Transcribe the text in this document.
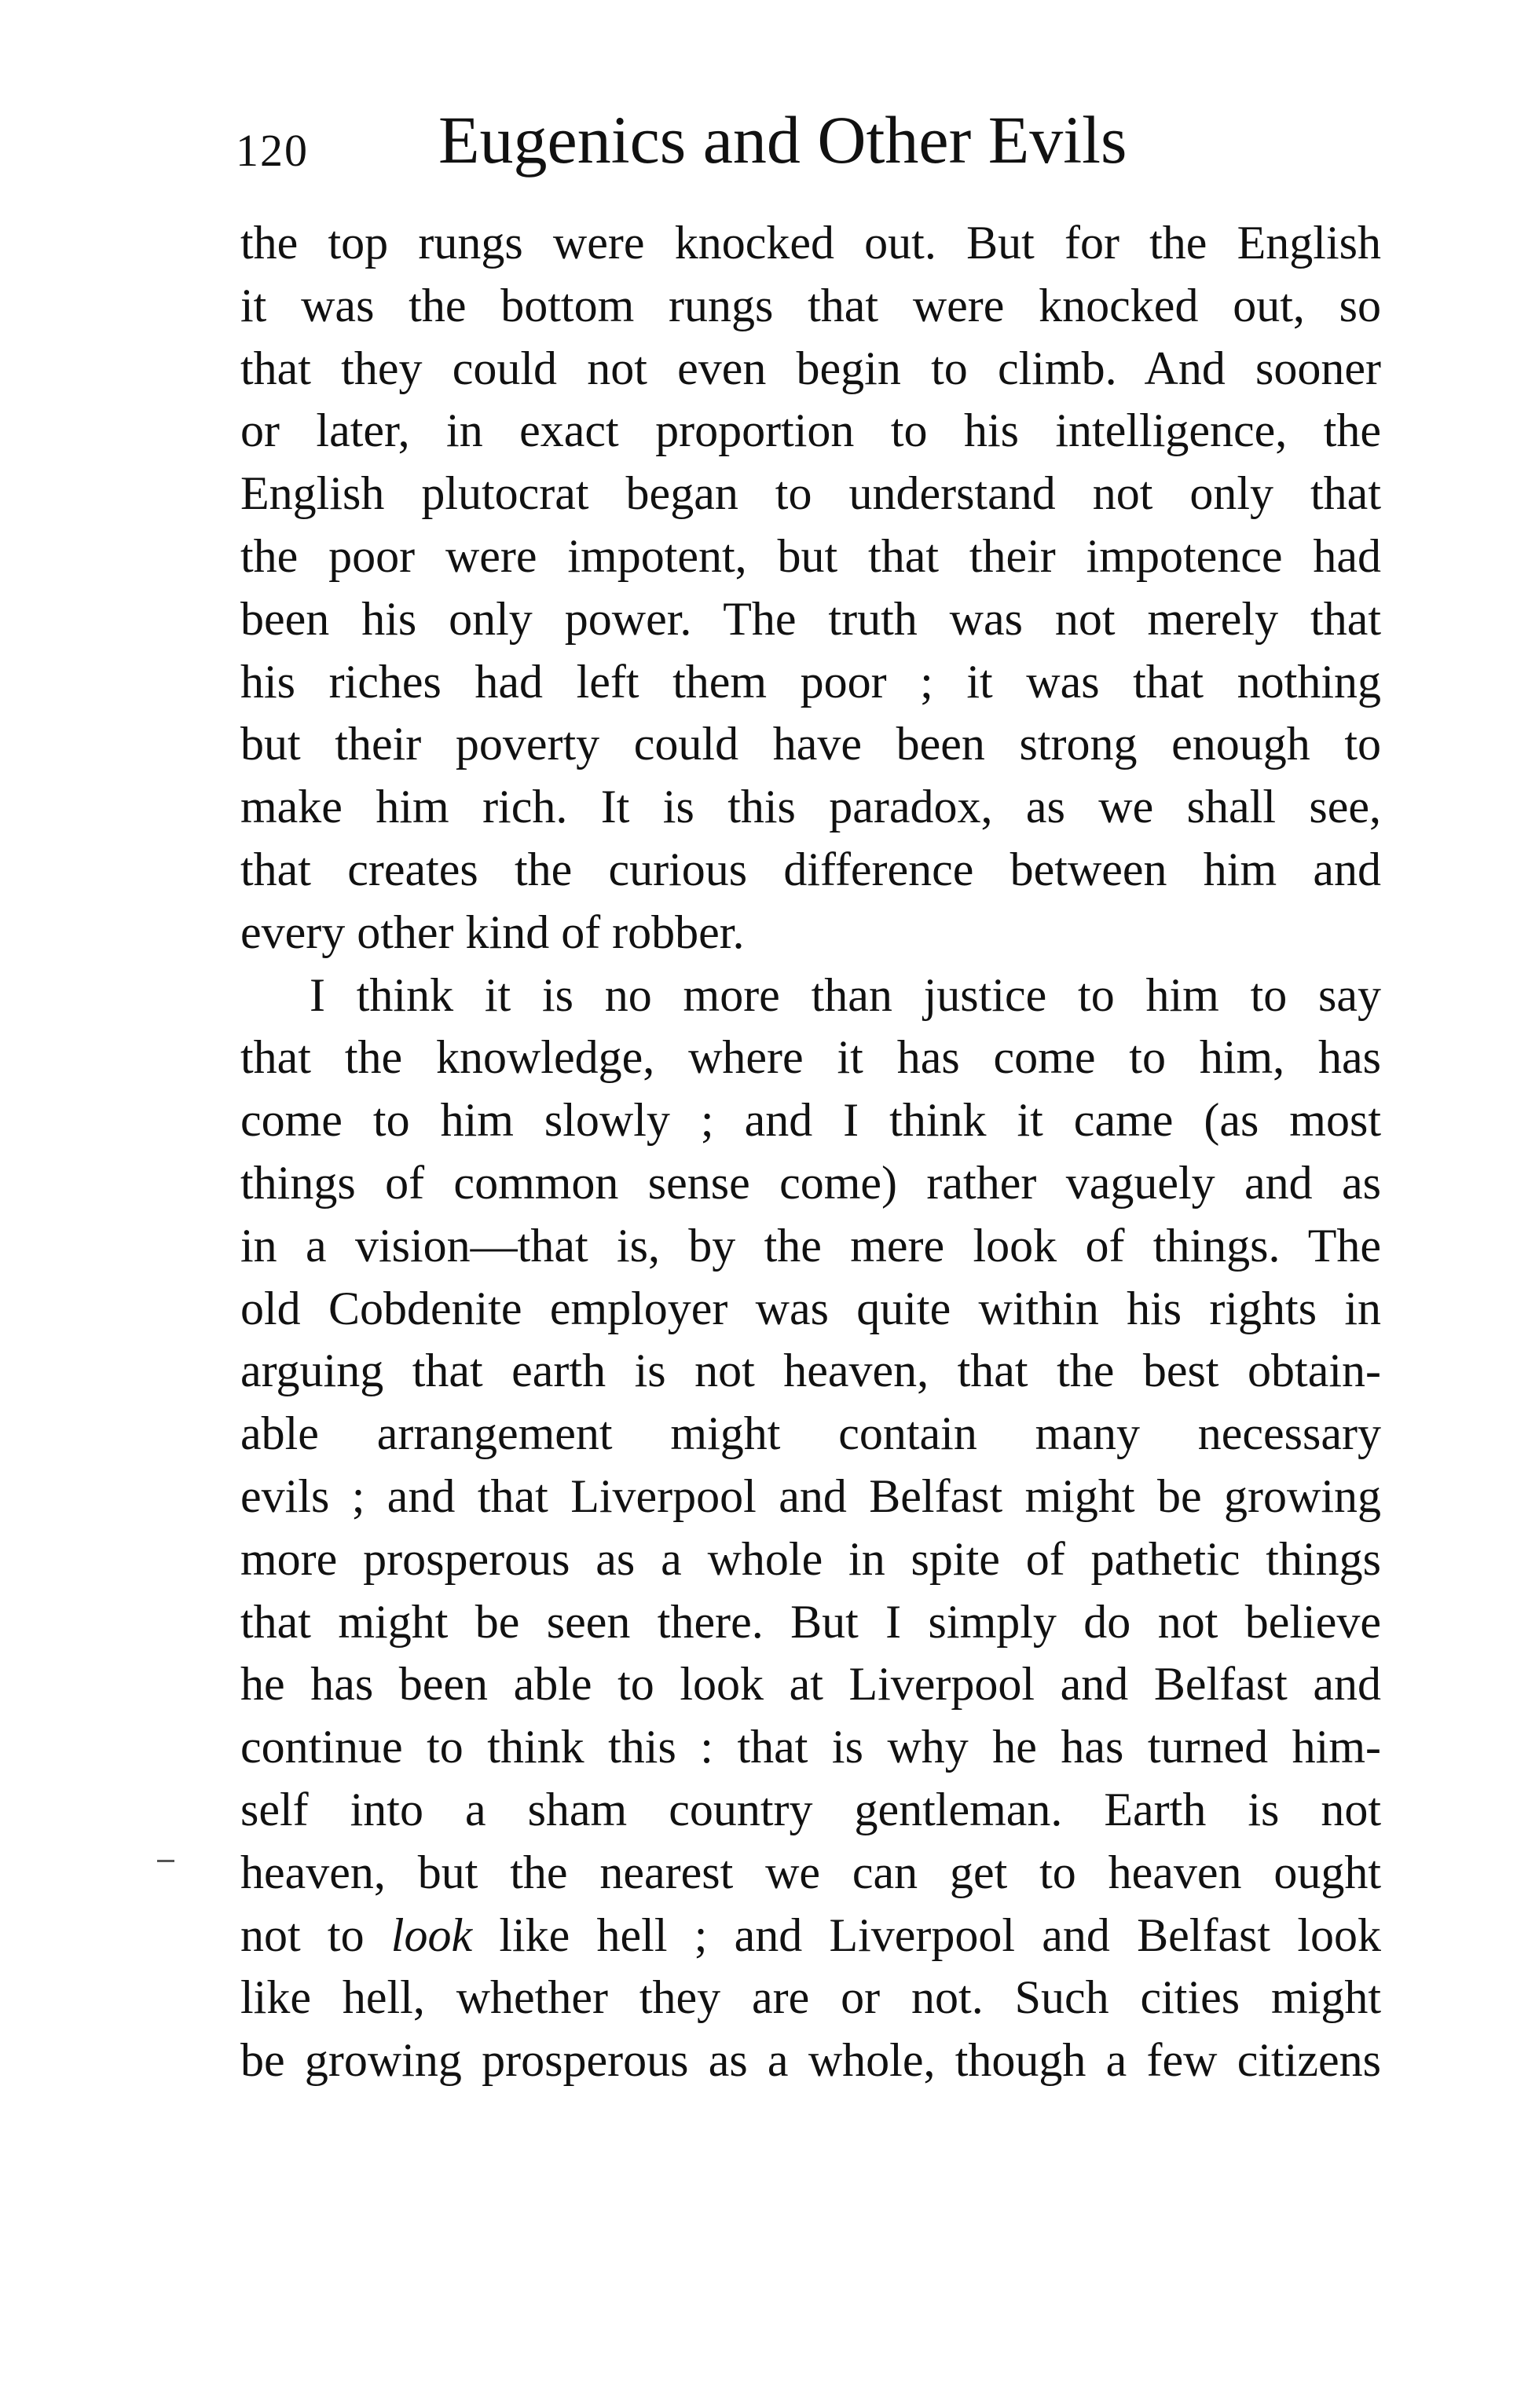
120 Eugenics and Other Evils
the top rungs were knocked out. But for the English
it was the bottom rungs that were knocked out, so
that they could not even begin to climb. And sooner
or later, in exact proportion to his intelligence, the
English plutocrat began to understand not only that
the poor were impotent, but that their impotence had
been his only power. The truth was not merely that
his riches had left them poor ; it was that nothing
but their poverty could have been strong enough to
make him rich. It is this paradox, as we shall see,
that creates the curious difference between him and
every other kind of robber.
I think it is no more than justice to him to say
that the knowledge, where it has come to him, has
come to him slowly ; and I think it came (as most
things of common sense come) rather vaguely and as
in a vision—that is, by the mere look of things. The
old Cobdenite employer was quite within his rights in
arguing that earth is not heaven, that the best obtain-
able arrangement might contain many necessary
evils ; and that Liverpool and Belfast might be growing
more prosperous as a whole in spite of pathetic things
that might be seen there. But I simply do not believe
he has been able to look at Liverpool and Belfast and
continue to think this : that is why he has turned him-
self into a sham country gentleman. Earth is not
heaven, but the nearest we can get to heaven ought
not to look like hell ; and Liverpool and Belfast look
like hell, whether they are or not. Such cities might
be growing prosperous as a whole, though a few citizens
